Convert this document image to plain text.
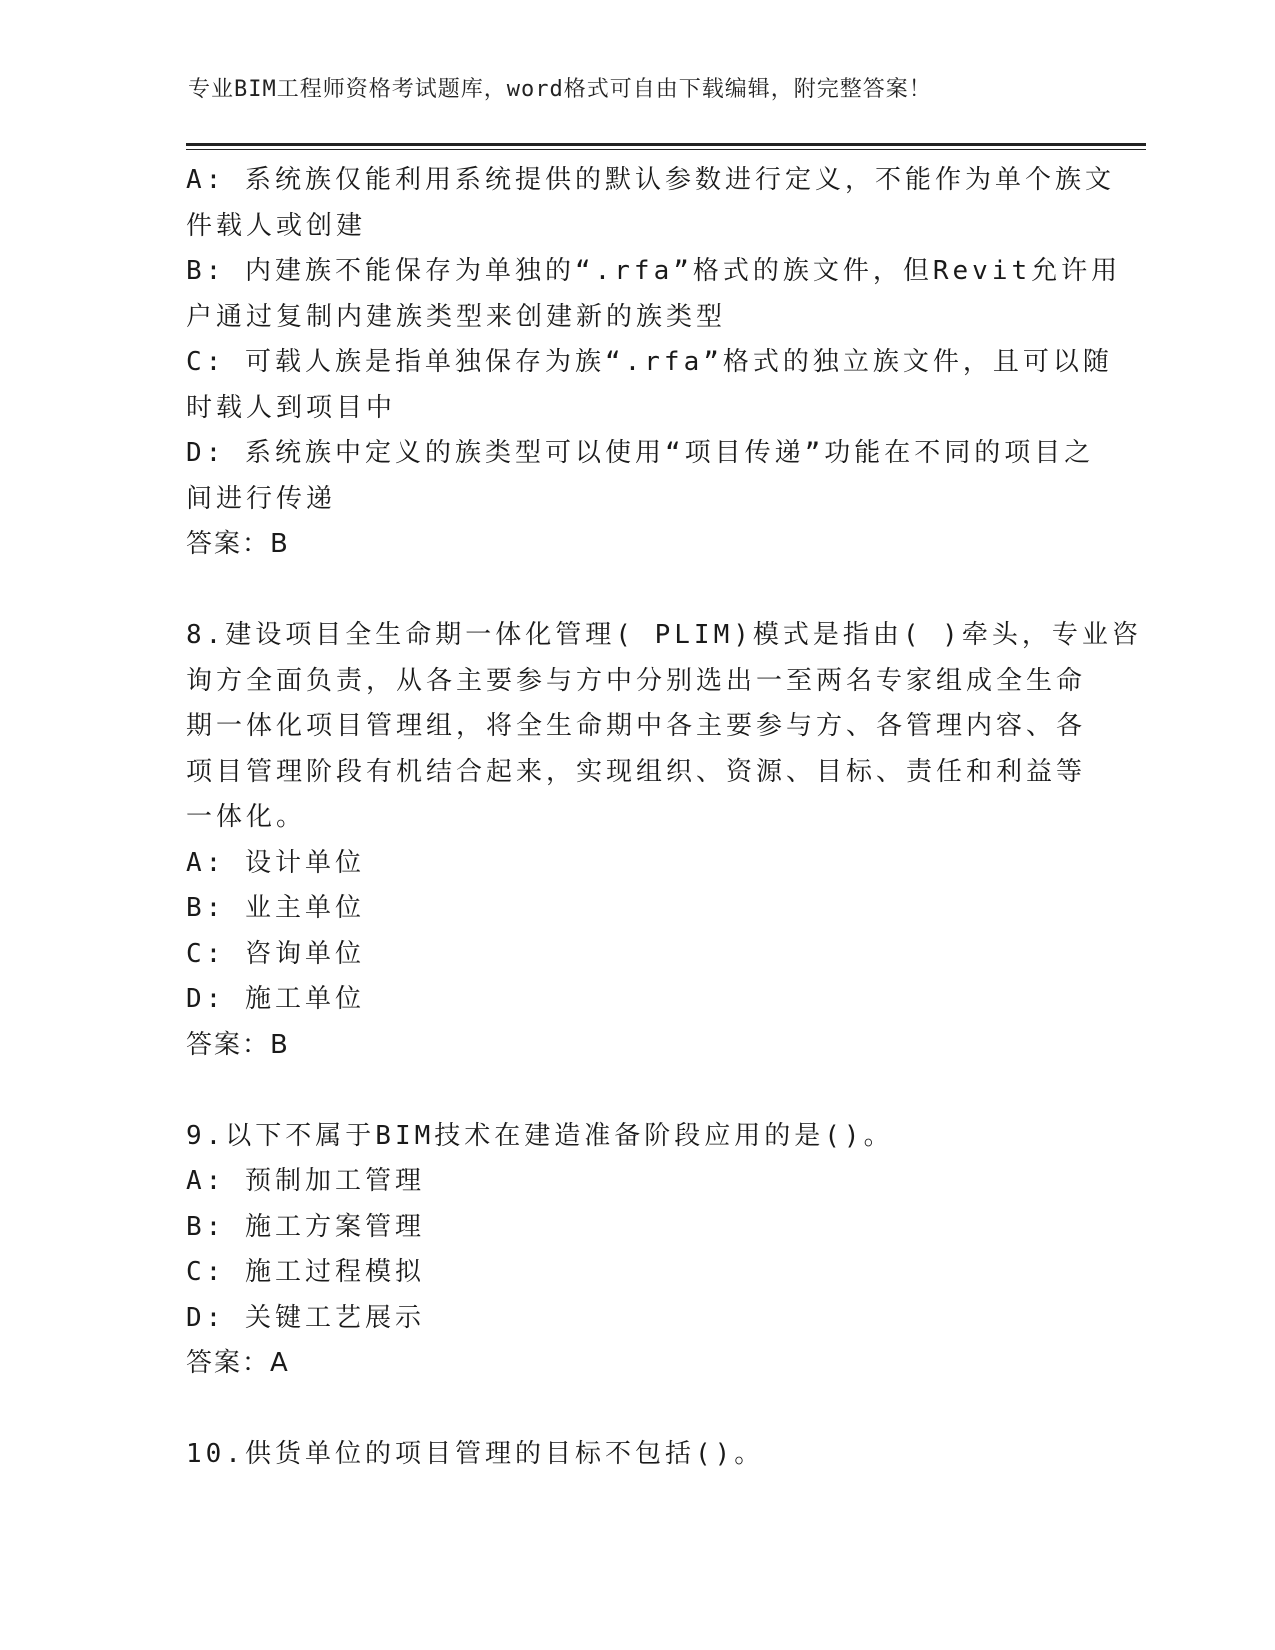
专业BIM工程师资格考试题库，word格式可自由下载编辑，附完整答案！
A: 系统族仅能利用系统提供的默认参数进行定义，不能作为单个族文
件载人或创建
B: 内建族不能保存为单独的“.rfa”格式的族文件，但Revit允许用
户通过复制内建族类型来创建新的族类型
C: 可载人族是指单独保存为族“.rfa”格式的独立族文件，且可以随
时载人到项目中
D: 系统族中定义的族类型可以使用“项目传递”功能在不同的项目之
间进行传递
答案：B
8.建设项目全生命期一体化管理( PLIM)模式是指由( )牵头，专业咨
询方全面负责，从各主要参与方中分别选出一至两名专家组成全生命
期一体化项目管理组，将全生命期中各主要参与方、各管理内容、各
项目管理阶段有机结合起来，实现组织、资源、目标、责任和利益等
一体化。
A: 设计单位
B: 业主单位
C: 咨询单位
D: 施工单位
答案：B
9.以下不属于BIM技术在建造准备阶段应用的是()。
A: 预制加工管理
B: 施工方案管理
C: 施工过程模拟
D: 关键工艺展示
答案：A
10.供货单位的项目管理的目标不包括()。
